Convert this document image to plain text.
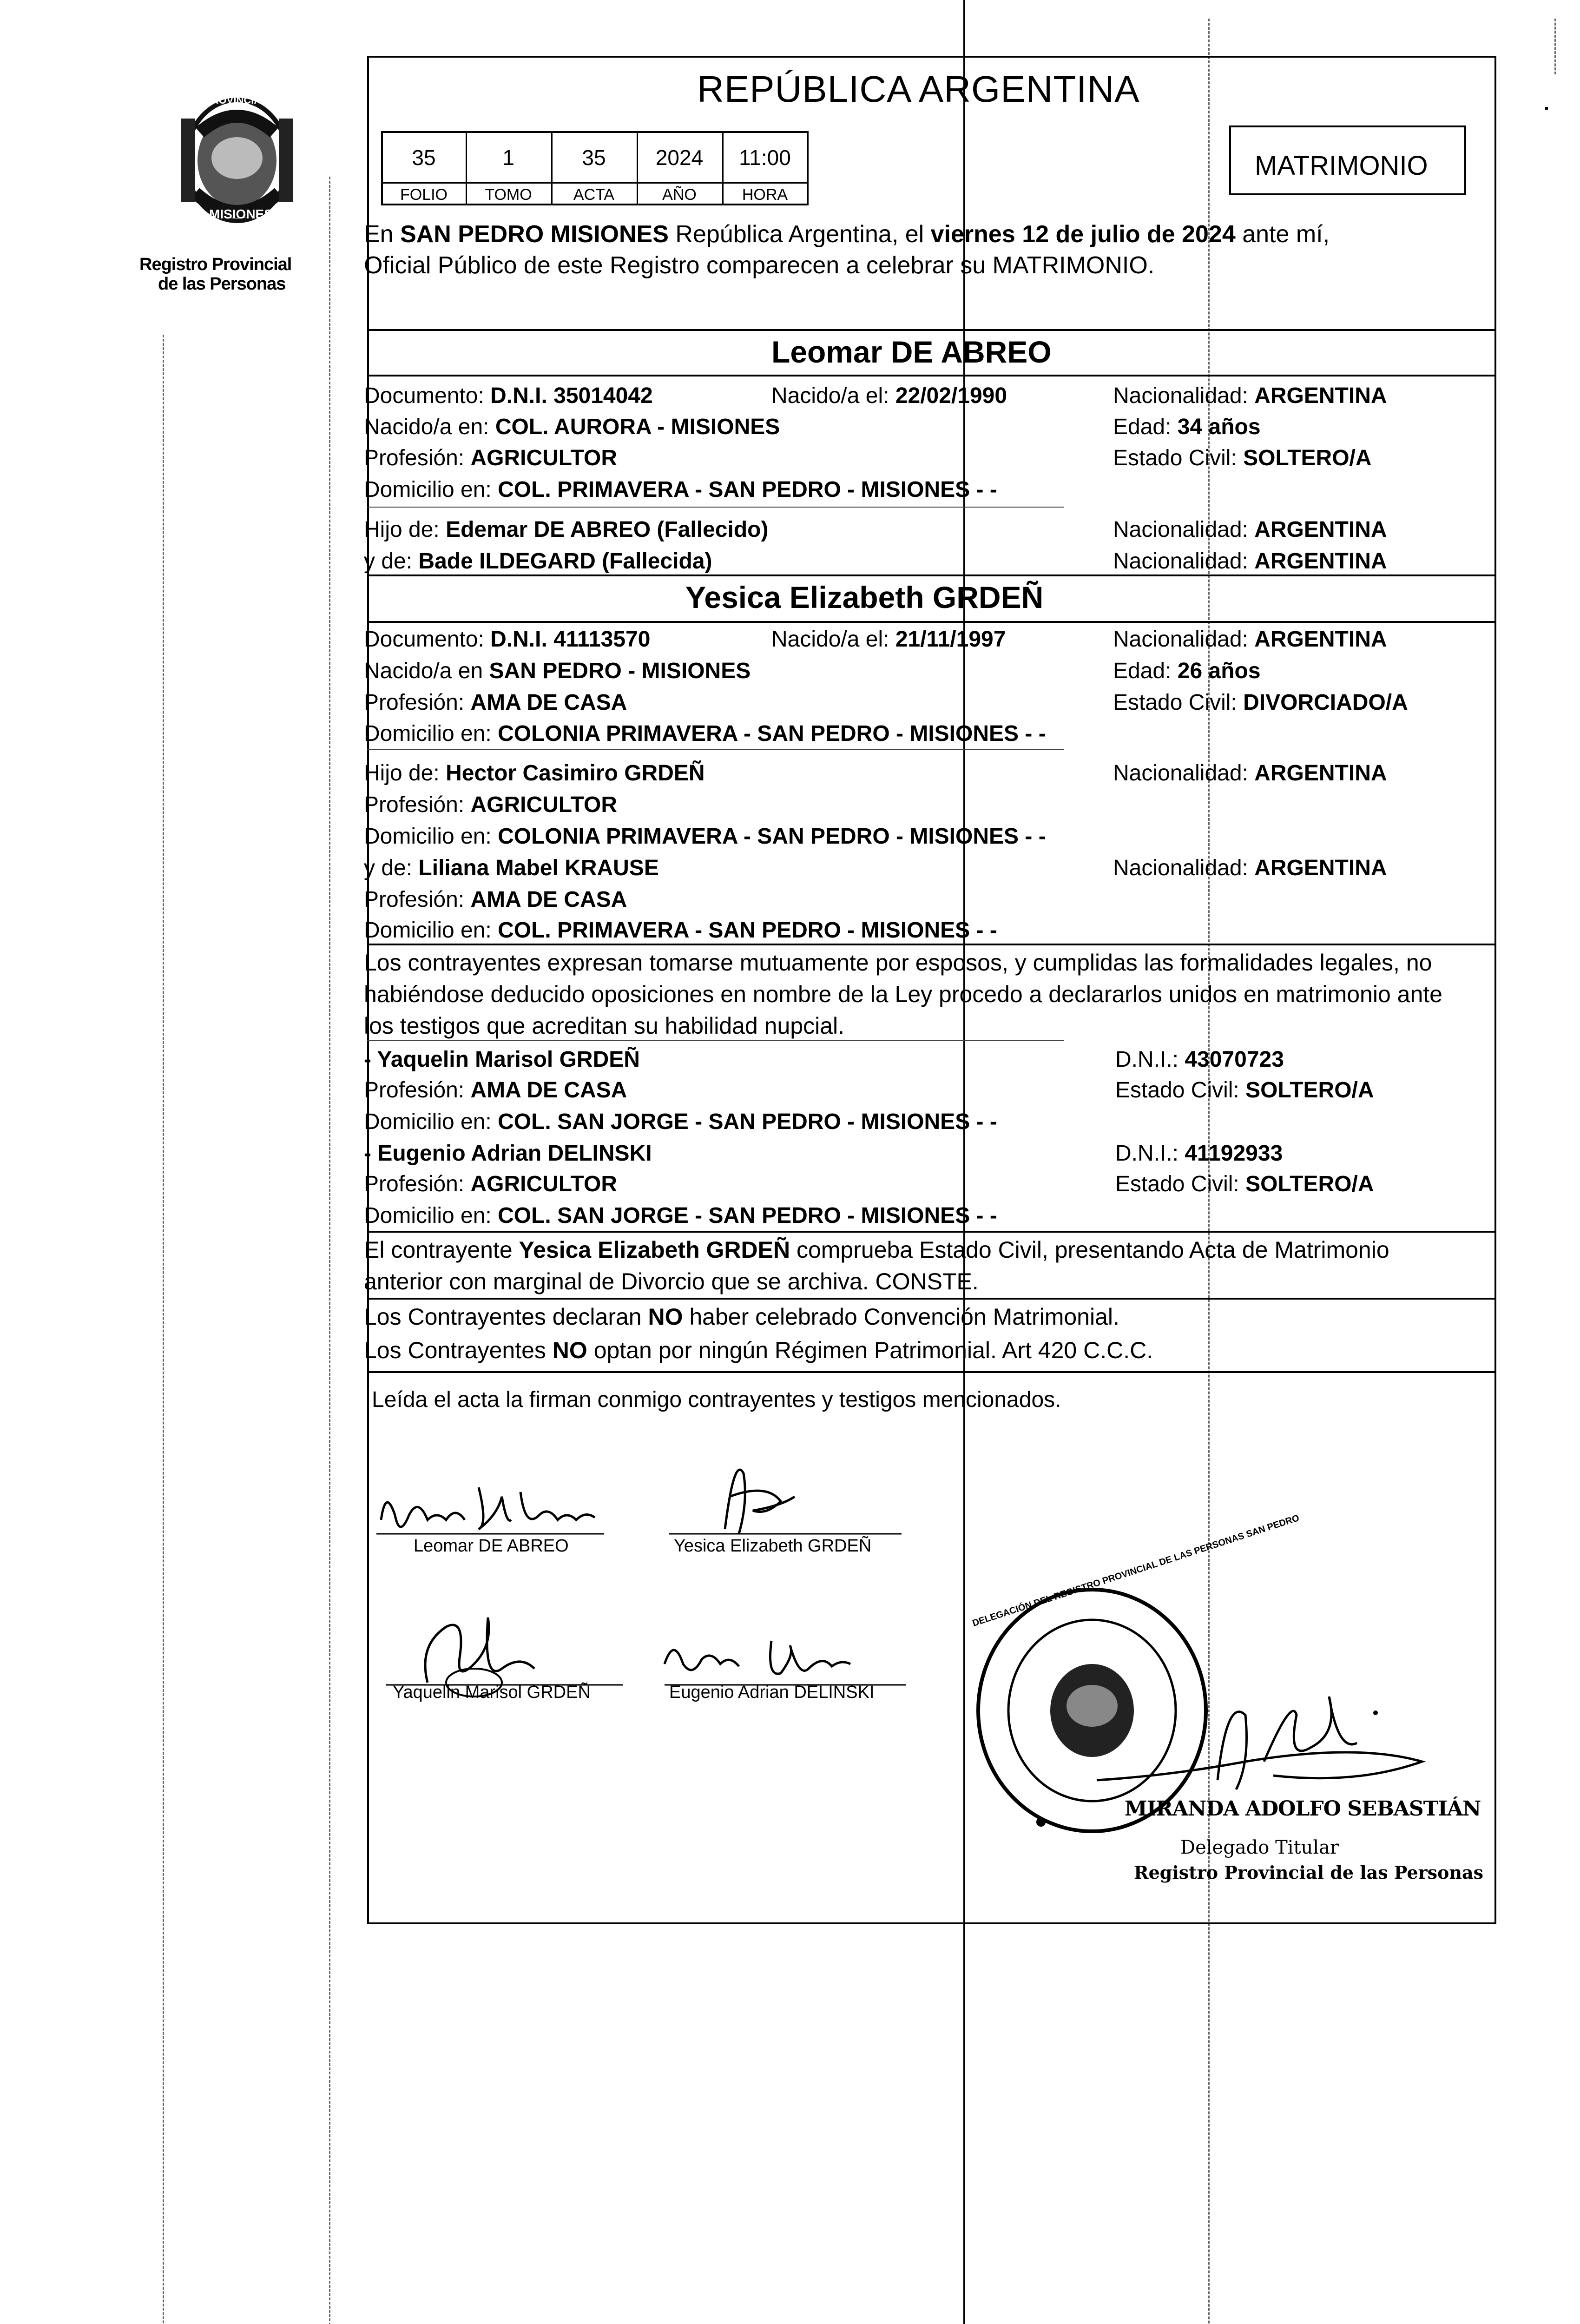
PROVINCIA DE
MISIONES
Registro Provincial
de las Personas
REPÚBLICA ARGENTINA
35	1	35	2024	11:00
FOLIO	TOMO	ACTA	AÑO	HORA
MATRIMONIO
En SAN PEDRO MISIONES República Argentina, el viernes 12 de julio de 2024 ante mí,
Oficial Público de este Registro comparecen a celebrar su MATRIMONIO.
Leomar DE ABREO
Documento: D.N.I. 35014042	Nacido/a el: 22/02/1990	Nacionalidad: ARGENTINA
Nacido/a en: COL. AURORA - MISIONES	Edad: 34 años
Profesión: AGRICULTOR	Estado Civil: SOLTERO/A
Domicilio en: COL. PRIMAVERA - SAN PEDRO - MISIONES - -
Hijo de: Edemar DE ABREO (Fallecido)	Nacionalidad: ARGENTINA
y de: Bade ILDEGARD (Fallecida)	Nacionalidad: ARGENTINA
Yesica Elizabeth GRDEÑ
Documento: D.N.I. 41113570	Nacido/a el: 21/11/1997	Nacionalidad: ARGENTINA
Nacido/a en SAN PEDRO - MISIONES	Edad: 26 años
Profesión: AMA DE CASA	Estado Civil: DIVORCIADO/A
Domicilio en: COLONIA PRIMAVERA - SAN PEDRO - MISIONES - -
Hijo de: Hector Casimiro GRDEÑ	Nacionalidad: ARGENTINA
Profesión: AGRICULTOR
Domicilio en: COLONIA PRIMAVERA - SAN PEDRO - MISIONES - -
y de: Liliana Mabel KRAUSE	Nacionalidad: ARGENTINA
Profesión: AMA DE CASA
Domicilio en: COL. PRIMAVERA - SAN PEDRO - MISIONES - -
Los contrayentes expresan tomarse mutuamente por esposos, y cumplidas las formalidades legales, no
habiéndose deducido oposiciones en nombre de la Ley procedo a declararlos unidos en matrimonio ante
los testigos que acreditan su habilidad nupcial.
- Yaquelin Marisol GRDEÑ	D.N.I.: 43070723
Profesión: AMA DE CASA	Estado Civil: SOLTERO/A
Domicilio en: COL. SAN JORGE - SAN PEDRO - MISIONES - -
- Eugenio Adrian DELINSKI	D.N.I.: 41192933
Profesión: AGRICULTOR	Estado Civil: SOLTERO/A
Domicilio en: COL. SAN JORGE - SAN PEDRO - MISIONES - -
El contrayente Yesica Elizabeth GRDEÑ comprueba Estado Civil, presentando Acta de Matrimonio
anterior con marginal de Divorcio que se archiva. CONSTE.
Los Contrayentes declaran NO haber celebrado Convención Matrimonial.
Los Contrayentes NO optan por ningún Régimen Patrimonial. Art 420 C.C.C.
Leída el acta la firman conmigo contrayentes y testigos mencionados.
Leomar DE ABREO	Yesica Elizabeth GRDEÑ
Yaquelin Marisol GRDEÑ	Eugenio Adrian DELINSKI
DELEGACIÓN DEL REGISTRO PROVINCIAL DE LAS PERSONAS SAN PEDRO
MIRANDA ADOLFO SEBASTIÁN
Delegado Titular
Registro Provincial de las Personas
